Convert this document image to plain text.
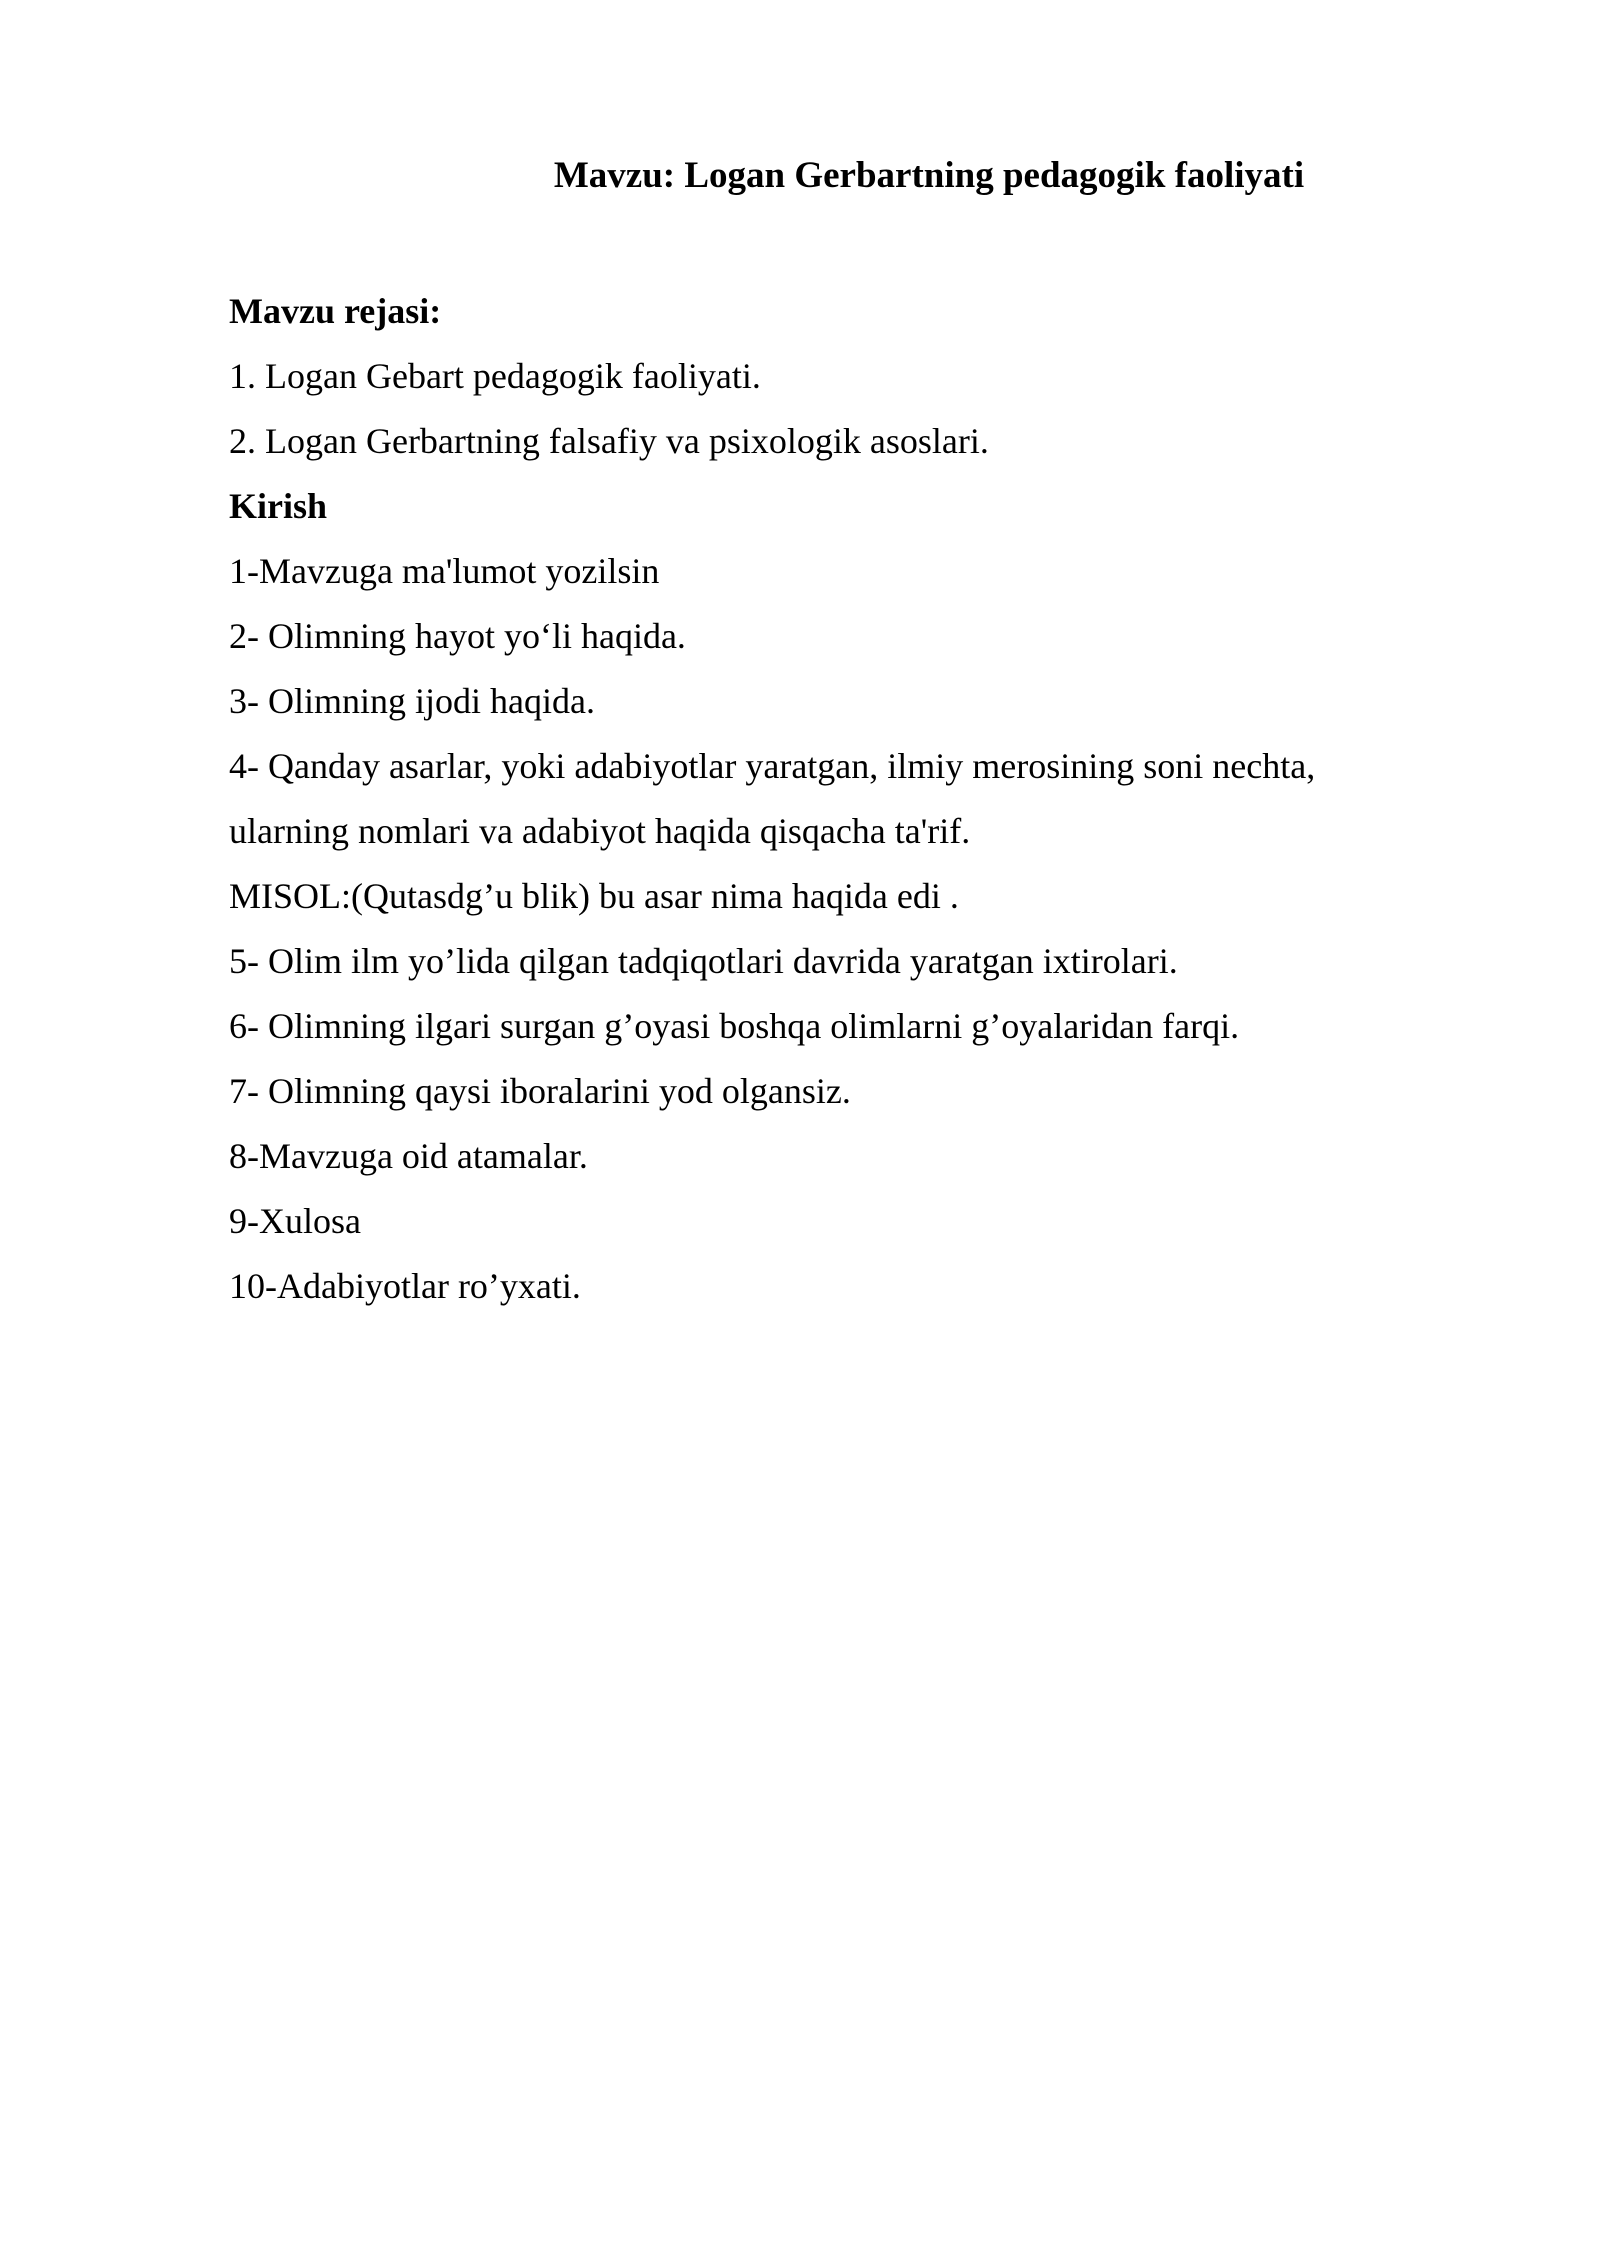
Mavzu: Logan Gerbartning pedagogik faoliyati

Mavzu rejasi:

1. Logan Gebart pedagogik faoliyati.

2. Logan Gerbartning falsafiy va psixologik asoslari.

Kirish

1-Mavzuga ma'lumot yozilsin

2- Olimning hayot yo‘li haqida.

3- Olimning ijodi haqida.

4- Qanday asarlar, yoki adabiyotlar yaratgan, ilmiy merosining soni nechta,

ularning nomlari va adabiyot haqida qisqacha ta'rif.

MISOL:(Qutasdg’u blik) bu asar nima haqida edi .

5- Olim ilm yo’lida qilgan tadqiqotlari davrida yaratgan ixtirolari.

6- Olimning ilgari surgan g’oyasi boshqa olimlarni g’oyalaridan farqi.

7- Olimning qaysi iboralarini yod olgansiz.

8-Mavzuga oid atamalar.

9-Xulosa

10-Adabiyotlar ro’yxati.
